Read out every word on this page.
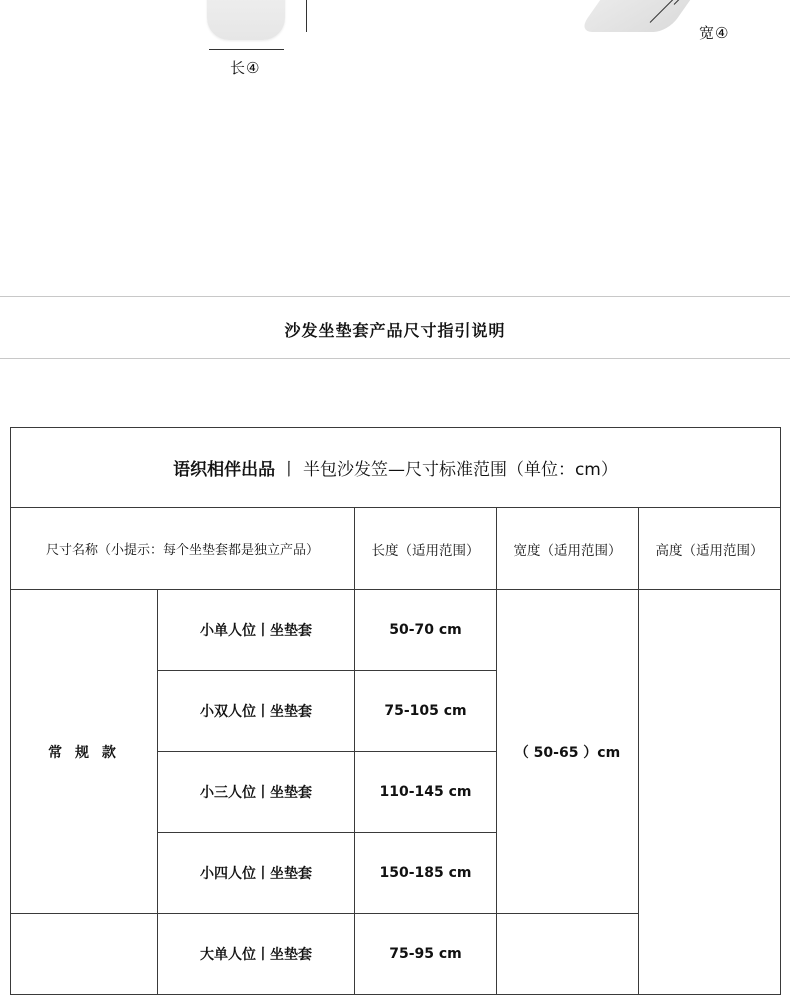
长④
宽④
沙发坐垫套产品尺寸指引说明
语织相伴出品 丨 半包沙发笠—尺寸标准范围（单位：cm）				
尺寸名称（小提示：每个坐垫套都是独立产品）		长度（适用范围）	宽度（适用范围）	高度（适用范围）
常 规 款	小单人位丨坐垫套	50-70 cm	（ 50-65 ）cm	
	小双人位丨坐垫套	75-105 cm		
	小三人位丨坐垫套	110-145 cm		
	小四人位丨坐垫套	150-185 cm		
	大单人位丨坐垫套	75-95 cm		
